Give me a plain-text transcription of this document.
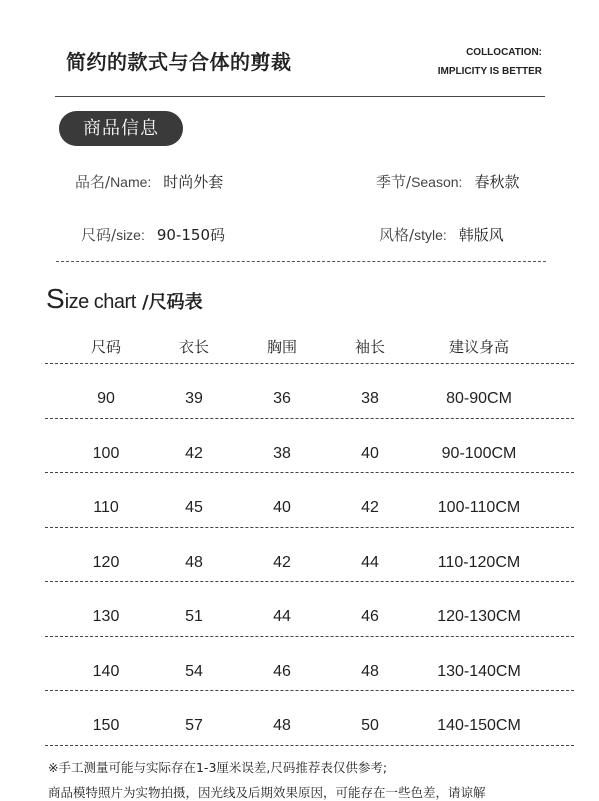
简约的款式与合体的剪裁	COLLOCATION:
IMPLICITY IS BETTER
商品信息
品名/Name: 时尚外套	季节/Season: 春秋款
尺码/size: 90-150码	风格/style: 韩版风
Size chart /尺码表
尺码	衣长	胸围	袖长	建议身高
90	39	36	38	80-90CM
100	42	38	40	90-100CM
110	45	40	42	100-110CM
120	48	42	44	110-120CM
130	51	44	46	120-130CM
140	54	46	48	130-140CM
150	57	48	50	140-150CM
※手工测量可能与实际存在1-3厘米误差,尺码推荐表仅供参考;
商品模特照片为实物拍摄，因光线及后期效果原因，可能存在一些色差，请谅解
